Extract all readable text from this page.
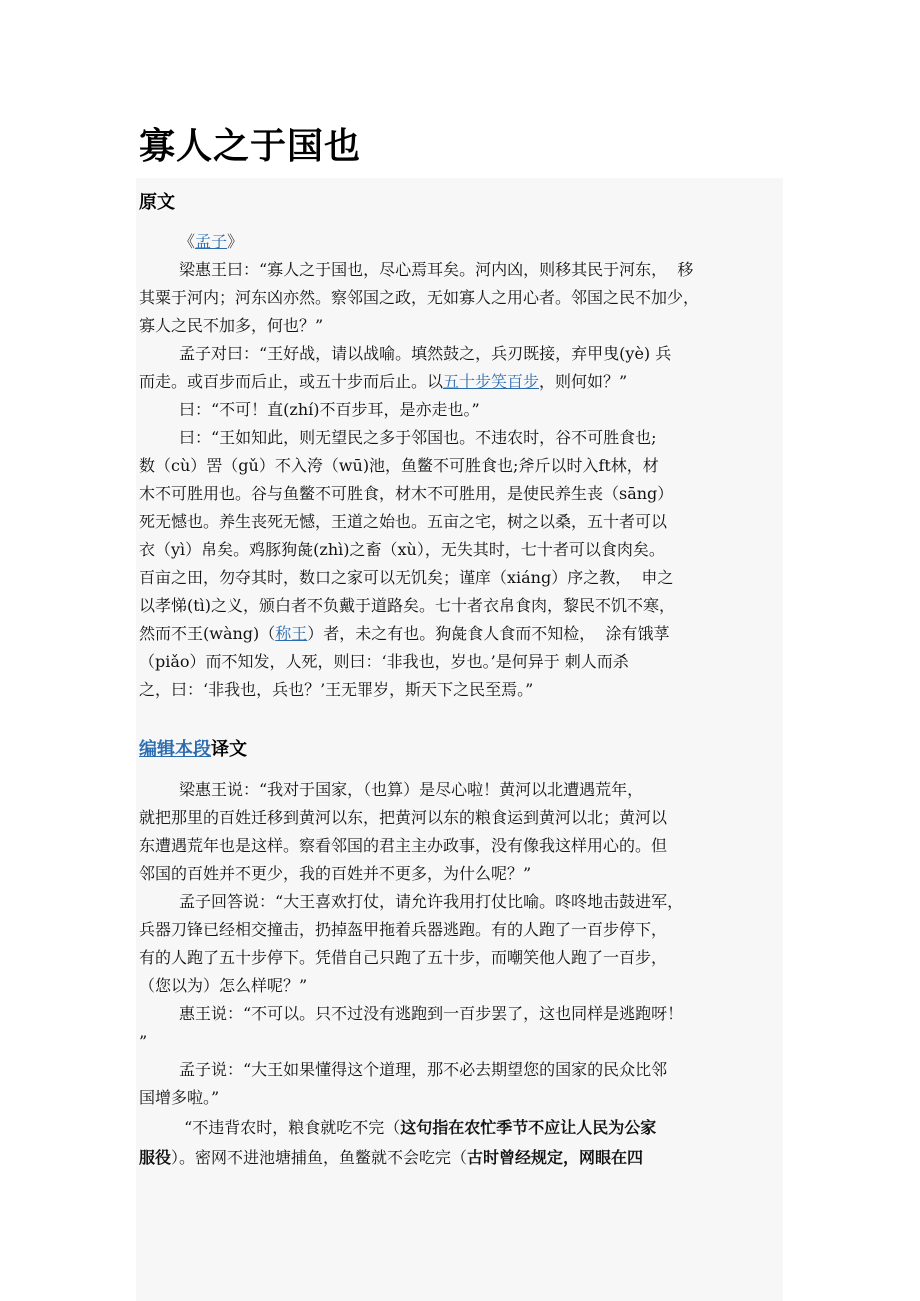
寡人之于国也
原文
《孟子》
梁惠王曰：“寡人之于国也，尽心焉耳矣。河内凶，则移其民于河东，  移
其粟于河内；河东凶亦然。察邻国之政，无如寡人之用心者。邻国之民不加少，
寡人之民不加多，何也？”
孟子对曰：“王好战，请以战喻。填然鼓之，兵刃既接，弃甲曳(yè) 兵
而走。或百步而后止，或五十步而后止。以五十步笑百步，则何如？”
曰：“不可！直(zhí)不百步耳，是亦走也。”
曰：“王如知此，则无望民之多于邻国也。不违农时，谷不可胜食也;
数（cù）罟（gǔ）不入洿（wū)池，鱼鳖不可胜食也;斧斤以时入ft林，材
木不可胜用也。谷与鱼鳖不可胜食，材木不可胜用，是使民养生丧（sāng）
死无憾也。养生丧死无憾，王道之始也。五亩之宅，树之以桑，五十者可以
衣（yì）帛矣。鸡豚狗彘(zhì)之畜（xù），无失其时，七十者可以食肉矣。
百亩之田，勿夺其时，数口之家可以无饥矣；谨庠（xiáng）序之教，  申之
以孝悌(tì)之义，颁白者不负戴于道路矣。七十者衣帛食肉，黎民不饥不寒，
然而不王(wàng)（称王）者，未之有也。狗彘食人食而不知检，  涂有饿莩
（piǎo）而不知发，人死，则曰：‘非我也，岁也。’是何异于 刺人而杀
之，曰：‘非我也，兵也？’王无罪岁，斯天下之民至焉。”
编辑本段译文
梁惠王说：“我对于国家，（也算）是尽心啦！黄河以北遭遇荒年，
就把那里的百姓迁移到黄河以东，把黄河以东的粮食运到黄河以北；黄河以
东遭遇荒年也是这样。察看邻国的君主主办政事，没有像我这样用心的。但
邻国的百姓并不更少，我的百姓并不更多，为什么呢？”
孟子回答说：“大王喜欢打仗，请允许我用打仗比喻。咚咚地击鼓进军，
兵器刀锋已经相交撞击，扔掉盔甲拖着兵器逃跑。有的人跑了一百步停下，
有的人跑了五十步停下。凭借自己只跑了五十步，而嘲笑他人跑了一百步，
（您以为）怎么样呢？”
惠王说：“不可以。只不过没有逃跑到一百步罢了，这也同样是逃跑呀！
”
孟子说：“大王如果懂得这个道理，那不必去期望您的国家的民众比邻
国增多啦。”
“不违背农时，粮食就吃不完（这句指在农忙季节不应让人民为公家
服役）。密网不进池塘捕鱼，鱼鳖就不会吃完（古时曾经规定，网眼在四
